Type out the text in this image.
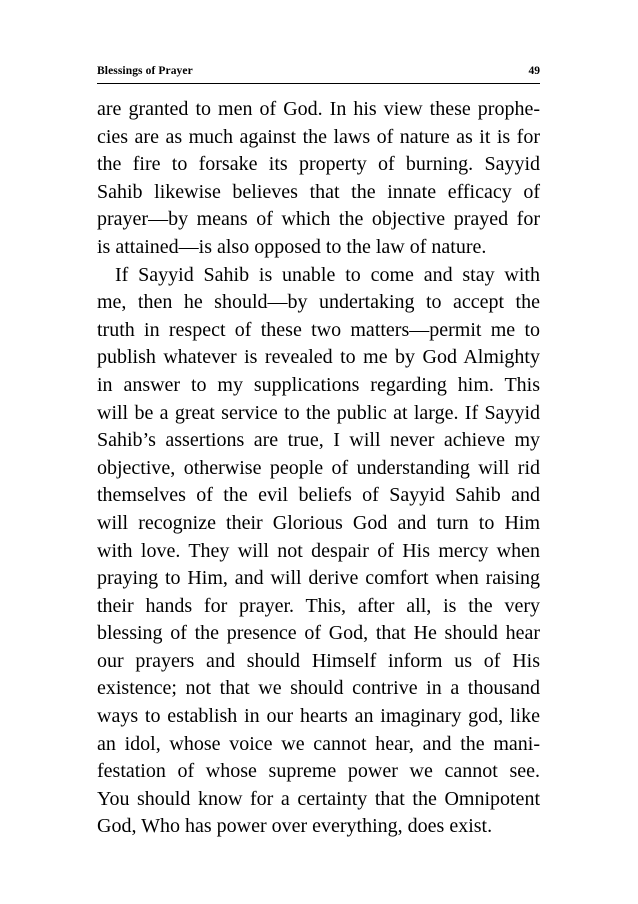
Blessings of Prayer	49
are granted to men of God. In his view these prophe-
cies are as much against the laws of nature as it is for
the fire to forsake its property of burning. Sayyid
Sahib likewise believes that the innate efficacy of
prayer—by means of which the objective prayed for
is attained—is also opposed to the law of nature.
If Sayyid Sahib is unable to come and stay with
me, then he should—by undertaking to accept the
truth in respect of these two matters—permit me to
publish whatever is revealed to me by God Almighty
in answer to my supplications regarding him. This
will be a great service to the public at large. If Sayyid
Sahib’s assertions are true, I will never achieve my
objective, otherwise people of understanding will rid
themselves of the evil beliefs of Sayyid Sahib and
will recognize their Glorious God and turn to Him
with love. They will not despair of His mercy when
praying to Him, and will derive comfort when raising
their hands for prayer. This, after all, is the very
blessing of the presence of God, that He should hear
our prayers and should Himself inform us of His
existence; not that we should contrive in a thousand
ways to establish in our hearts an imaginary god, like
an idol, whose voice we cannot hear, and the mani-
festation of whose supreme power we cannot see.
You should know for a certainty that the Omnipotent
God, Who has power over everything, does exist.
